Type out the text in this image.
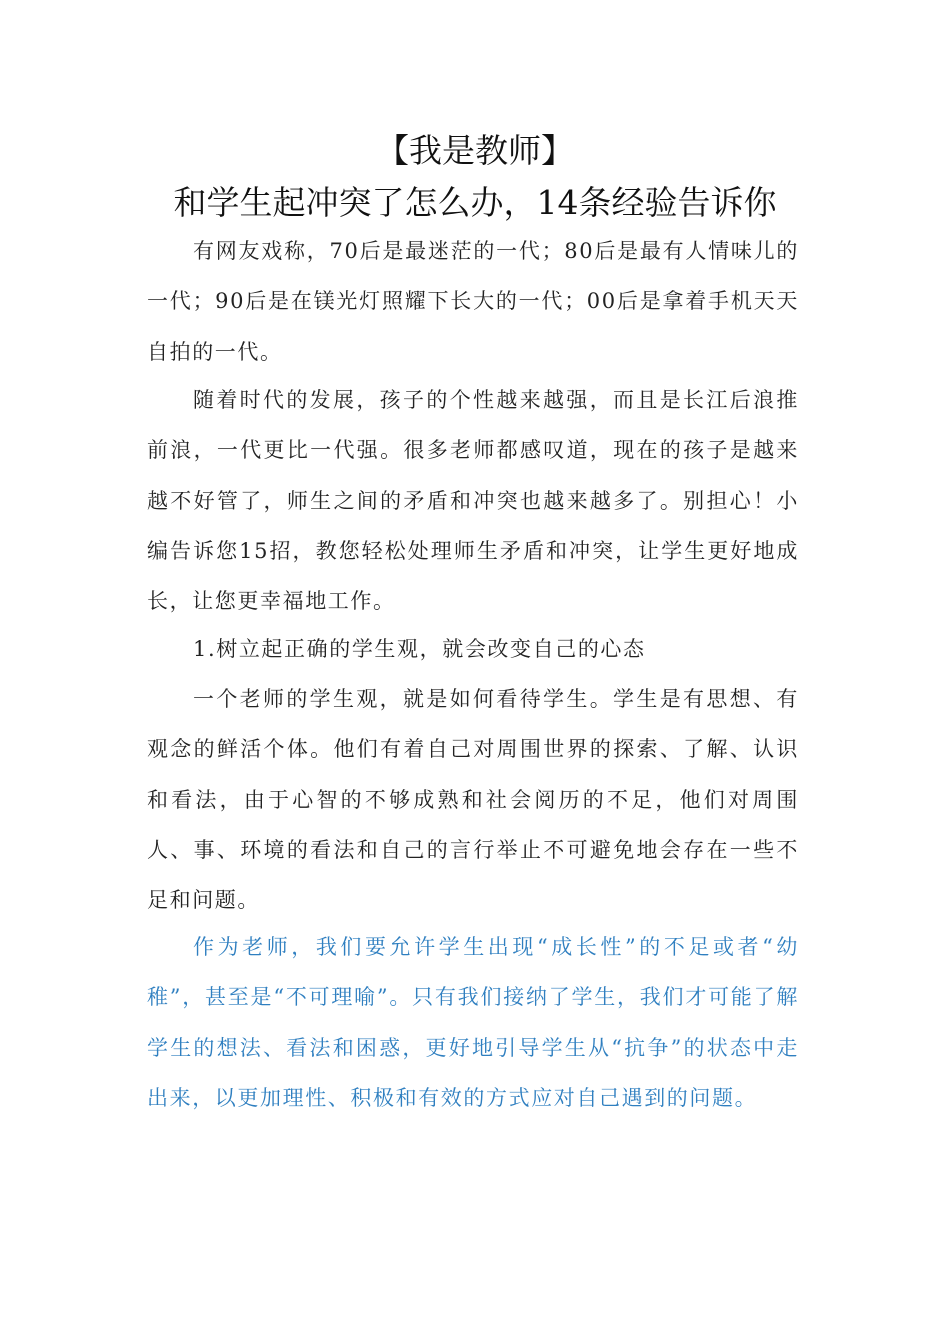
【我是教师】
和学生起冲突了怎么办，14条经验告诉你

有网友戏称，70后是最迷茫的一代；80后是最有人情味儿的一代；90后是在镁光灯照耀下长大的一代；00后是拿着手机天天自拍的一代。

随着时代的发展，孩子的个性越来越强，而且是长江后浪推前浪，一代更比一代强。很多老师都感叹道，现在的孩子是越来越不好管了，师生之间的矛盾和冲突也越来越多了。别担心！小编告诉您15招，教您轻松处理师生矛盾和冲突，让学生更好地成长，让您更幸福地工作。

1.树立起正确的学生观，就会改变自己的心态

一个老师的学生观，就是如何看待学生。学生是有思想、有观念的鲜活个体。他们有着自己对周围世界的探索、了解、认识和看法，由于心智的不够成熟和社会阅历的不足，他们对周围人、事、环境的看法和自己的言行举止不可避免地会存在一些不足和问题。

作为老师，我们要允许学生出现“成长性”的不足或者“幼稚”，甚至是“不可理喻”。只有我们接纳了学生，我们才可能了解学生的想法、看法和困惑，更好地引导学生从“抗争”的状态中走出来，以更加理性、积极和有效的方式应对自己遇到的问题。
